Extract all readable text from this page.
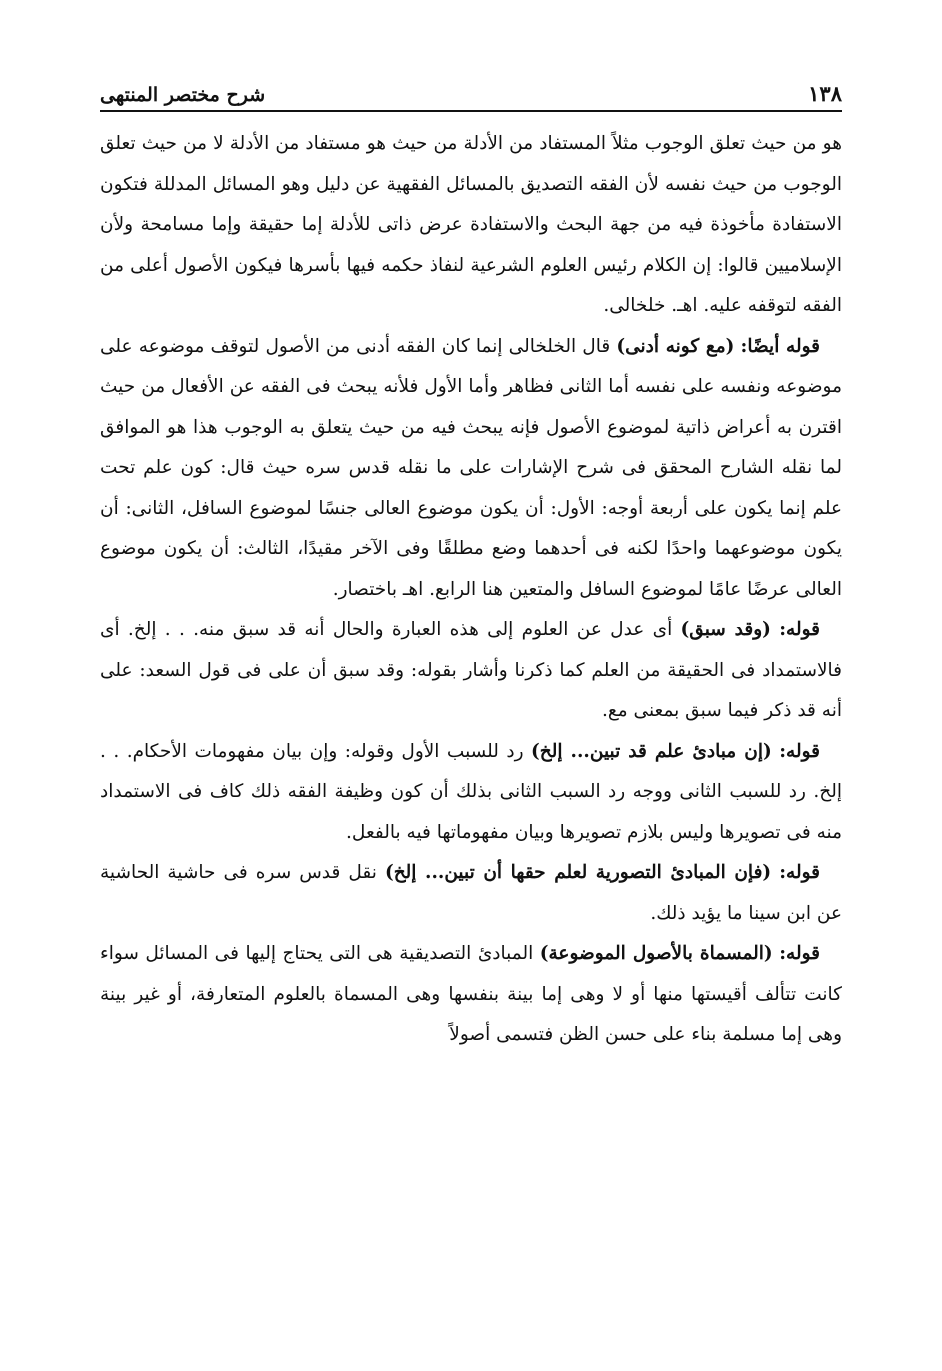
١٣٨
شرح مختصر المنتهى

هو من حيث تعلق الوجوب مثلاً المستفاد من الأدلة من حيث هو مستفاد من الأدلة لا من حيث تعلق الوجوب من حيث نفسه لأن الفقه التصديق بالمسائل الفقهية عن دليل وهو المسائل المدللة فتكون الاستفادة مأخوذة فيه من جهة البحث والاستفادة عرض ذاتى للأدلة إما حقيقة وإما مسامحة ولأن الإسلاميين قالوا: إن الكلام رئيس العلوم الشرعية لنفاذ حكمه فيها بأسرها فيكون الأصول أعلى من الفقه لتوقفه عليه. اهـ. خلخالى.

قوله أيضًا: (مع كونه أدنى) قال الخلخالى إنما كان الفقه أدنى من الأصول لتوقف موضوعه على موضوعه ونفسه على نفسه أما الثانى فظاهر وأما الأول فلأنه يبحث فى الفقه عن الأفعال من حيث اقترن به أعراض ذاتية لموضوع الأصول فإنه يبحث فيه من حيث يتعلق به الوجوب هذا هو الموافق لما نقله الشارح المحقق فى شرح الإشارات على ما نقله قدس سره حيث قال: كون علم تحت علم إنما يكون على أربعة أوجه: الأول: أن يكون موضوع العالى جنسًا لموضوع السافل، الثانى: أن يكون موضوعهما واحدًا لكنه فى أحدهما وضع مطلقًا وفى الآخر مقيدًا، الثالث: أن يكون موضوع العالى عرضًا عامًا لموضوع السافل والمتعين هنا الرابع. اهـ باختصار.

قوله: (وقد سبق) أى عدل عن العلوم إلى هذه العبارة والحال أنه قد سبق منه. . . إلخ. أى فالاستمداد فى الحقيقة من العلم كما ذكرنا وأشار بقوله: وقد سبق أن على فى قول السعد: على أنه قد ذكر فيما سبق بمعنى مع.

قوله: (إن مبادئ علم قد تبين... إلخ) رد للسبب الأول وقوله: وإن بيان مفهومات الأحكام. . . إلخ. رد للسبب الثانى ووجه رد السبب الثانى بذلك أن كون وظيفة الفقه ذلك كاف فى الاستمداد منه فى تصويرها وليس بلازم تصويرها وبيان مفهوماتها فيه بالفعل.

قوله: (فإن المبادئ التصورية لعلم حقها أن تبين... إلخ) نقل قدس سره فى حاشية الحاشية عن ابن سينا ما يؤيد ذلك.

قوله: (المسماة بالأصول الموضوعة) المبادئ التصديقية هى التى يحتاج إليها فى المسائل سواء كانت تتألف أقيستها منها أو لا وهى إما بينة بنفسها وهى المسماة بالعلوم المتعارفة، أو غير بينة وهى إما مسلمة بناء على حسن الظن فتسمى أصولاً
